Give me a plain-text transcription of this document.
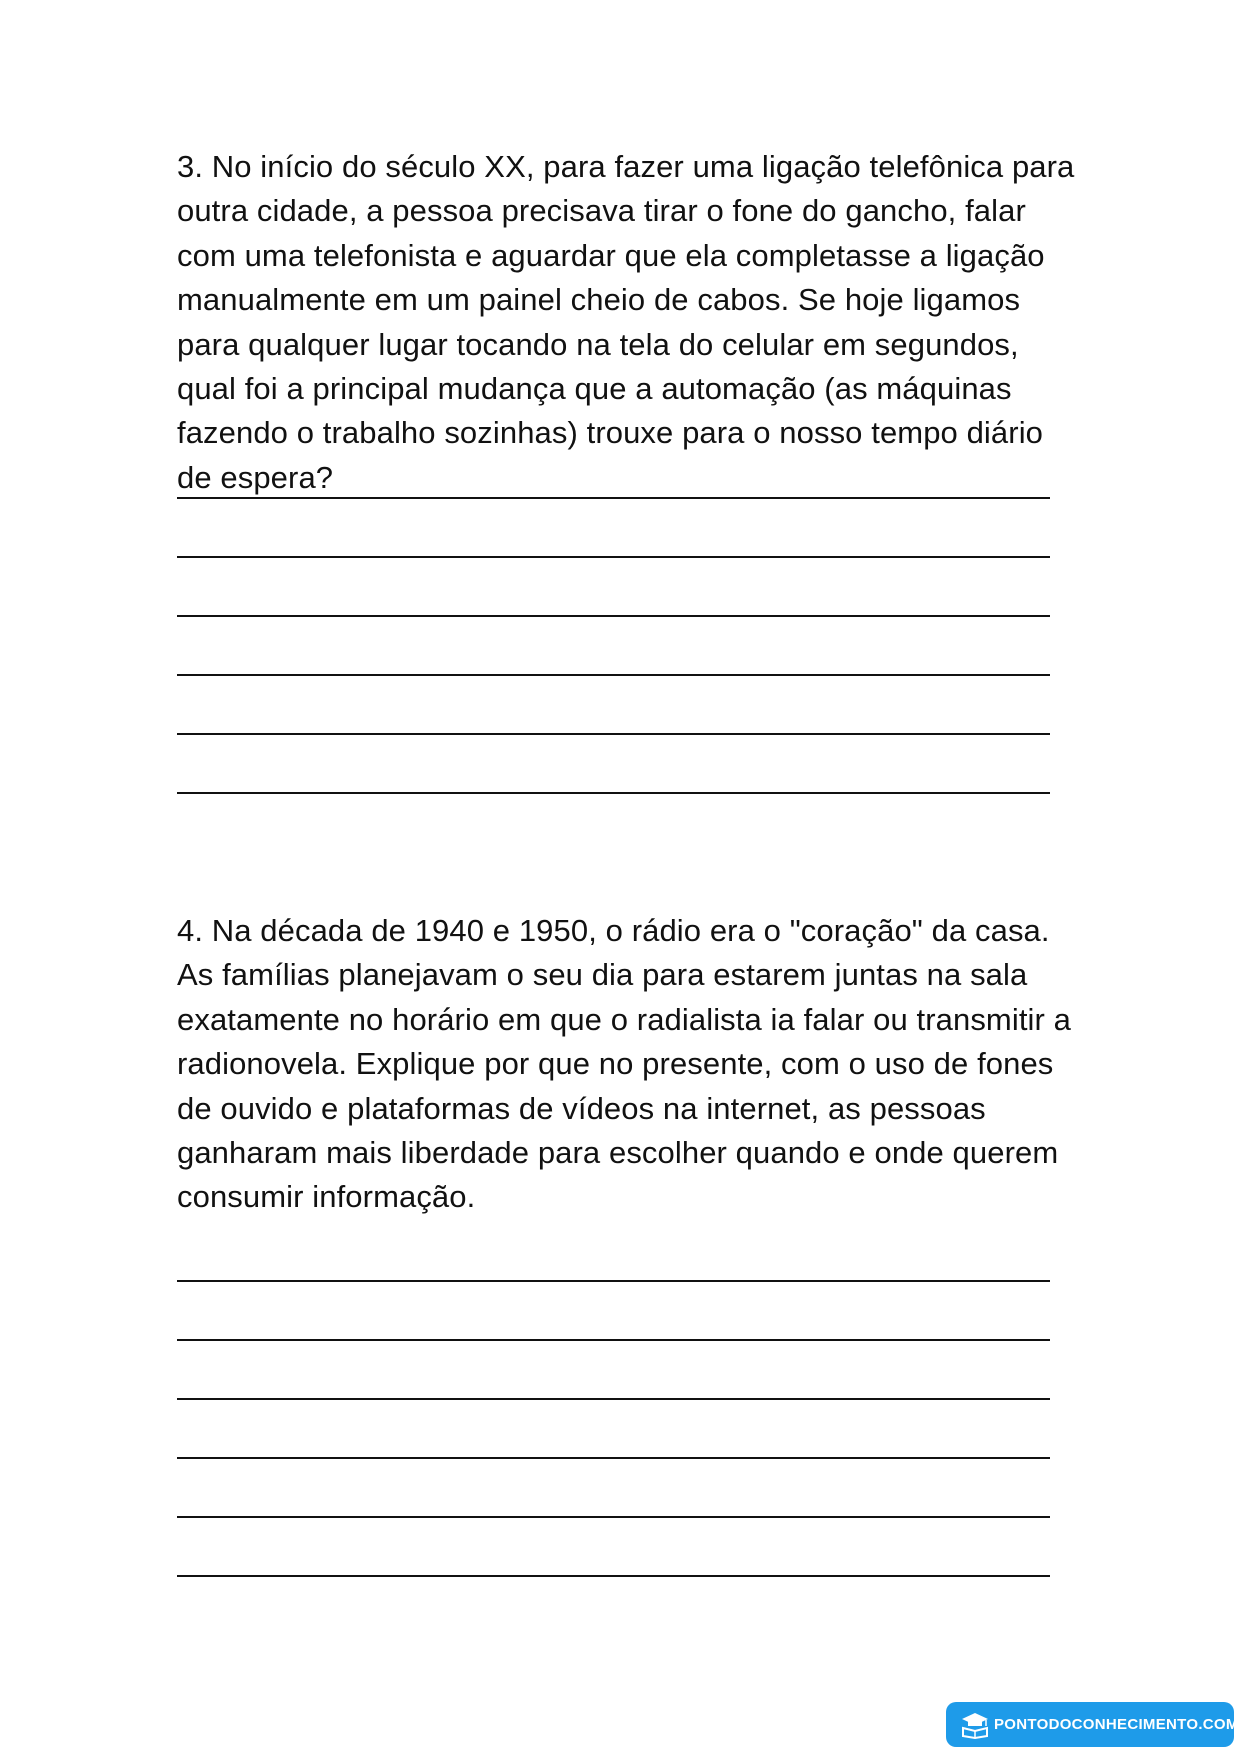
3. No início do século XX, para fazer uma ligação telefônica para outra cidade, a pessoa precisava tirar o fone do gancho, falar com uma telefonista e aguardar que ela completasse a ligação manualmente em um painel cheio de cabos. Se hoje ligamos para qualquer lugar tocando na tela do celular em segundos, qual foi a principal mudança que a automação (as máquinas fazendo o trabalho sozinhas) trouxe para o nosso tempo diário de espera?

4. Na década de 1940 e 1950, o rádio era o "coração" da casa. As famílias planejavam o seu dia para estarem juntas na sala exatamente no horário em que o radialista ia falar ou transmitir a radionovela. Explique por que no presente, com o uso de fones de ouvido e plataformas de vídeos na internet, as pessoas ganharam mais liberdade para escolher quando e onde querem consumir informação.

PONTODOCONHECIMENTO.COM
